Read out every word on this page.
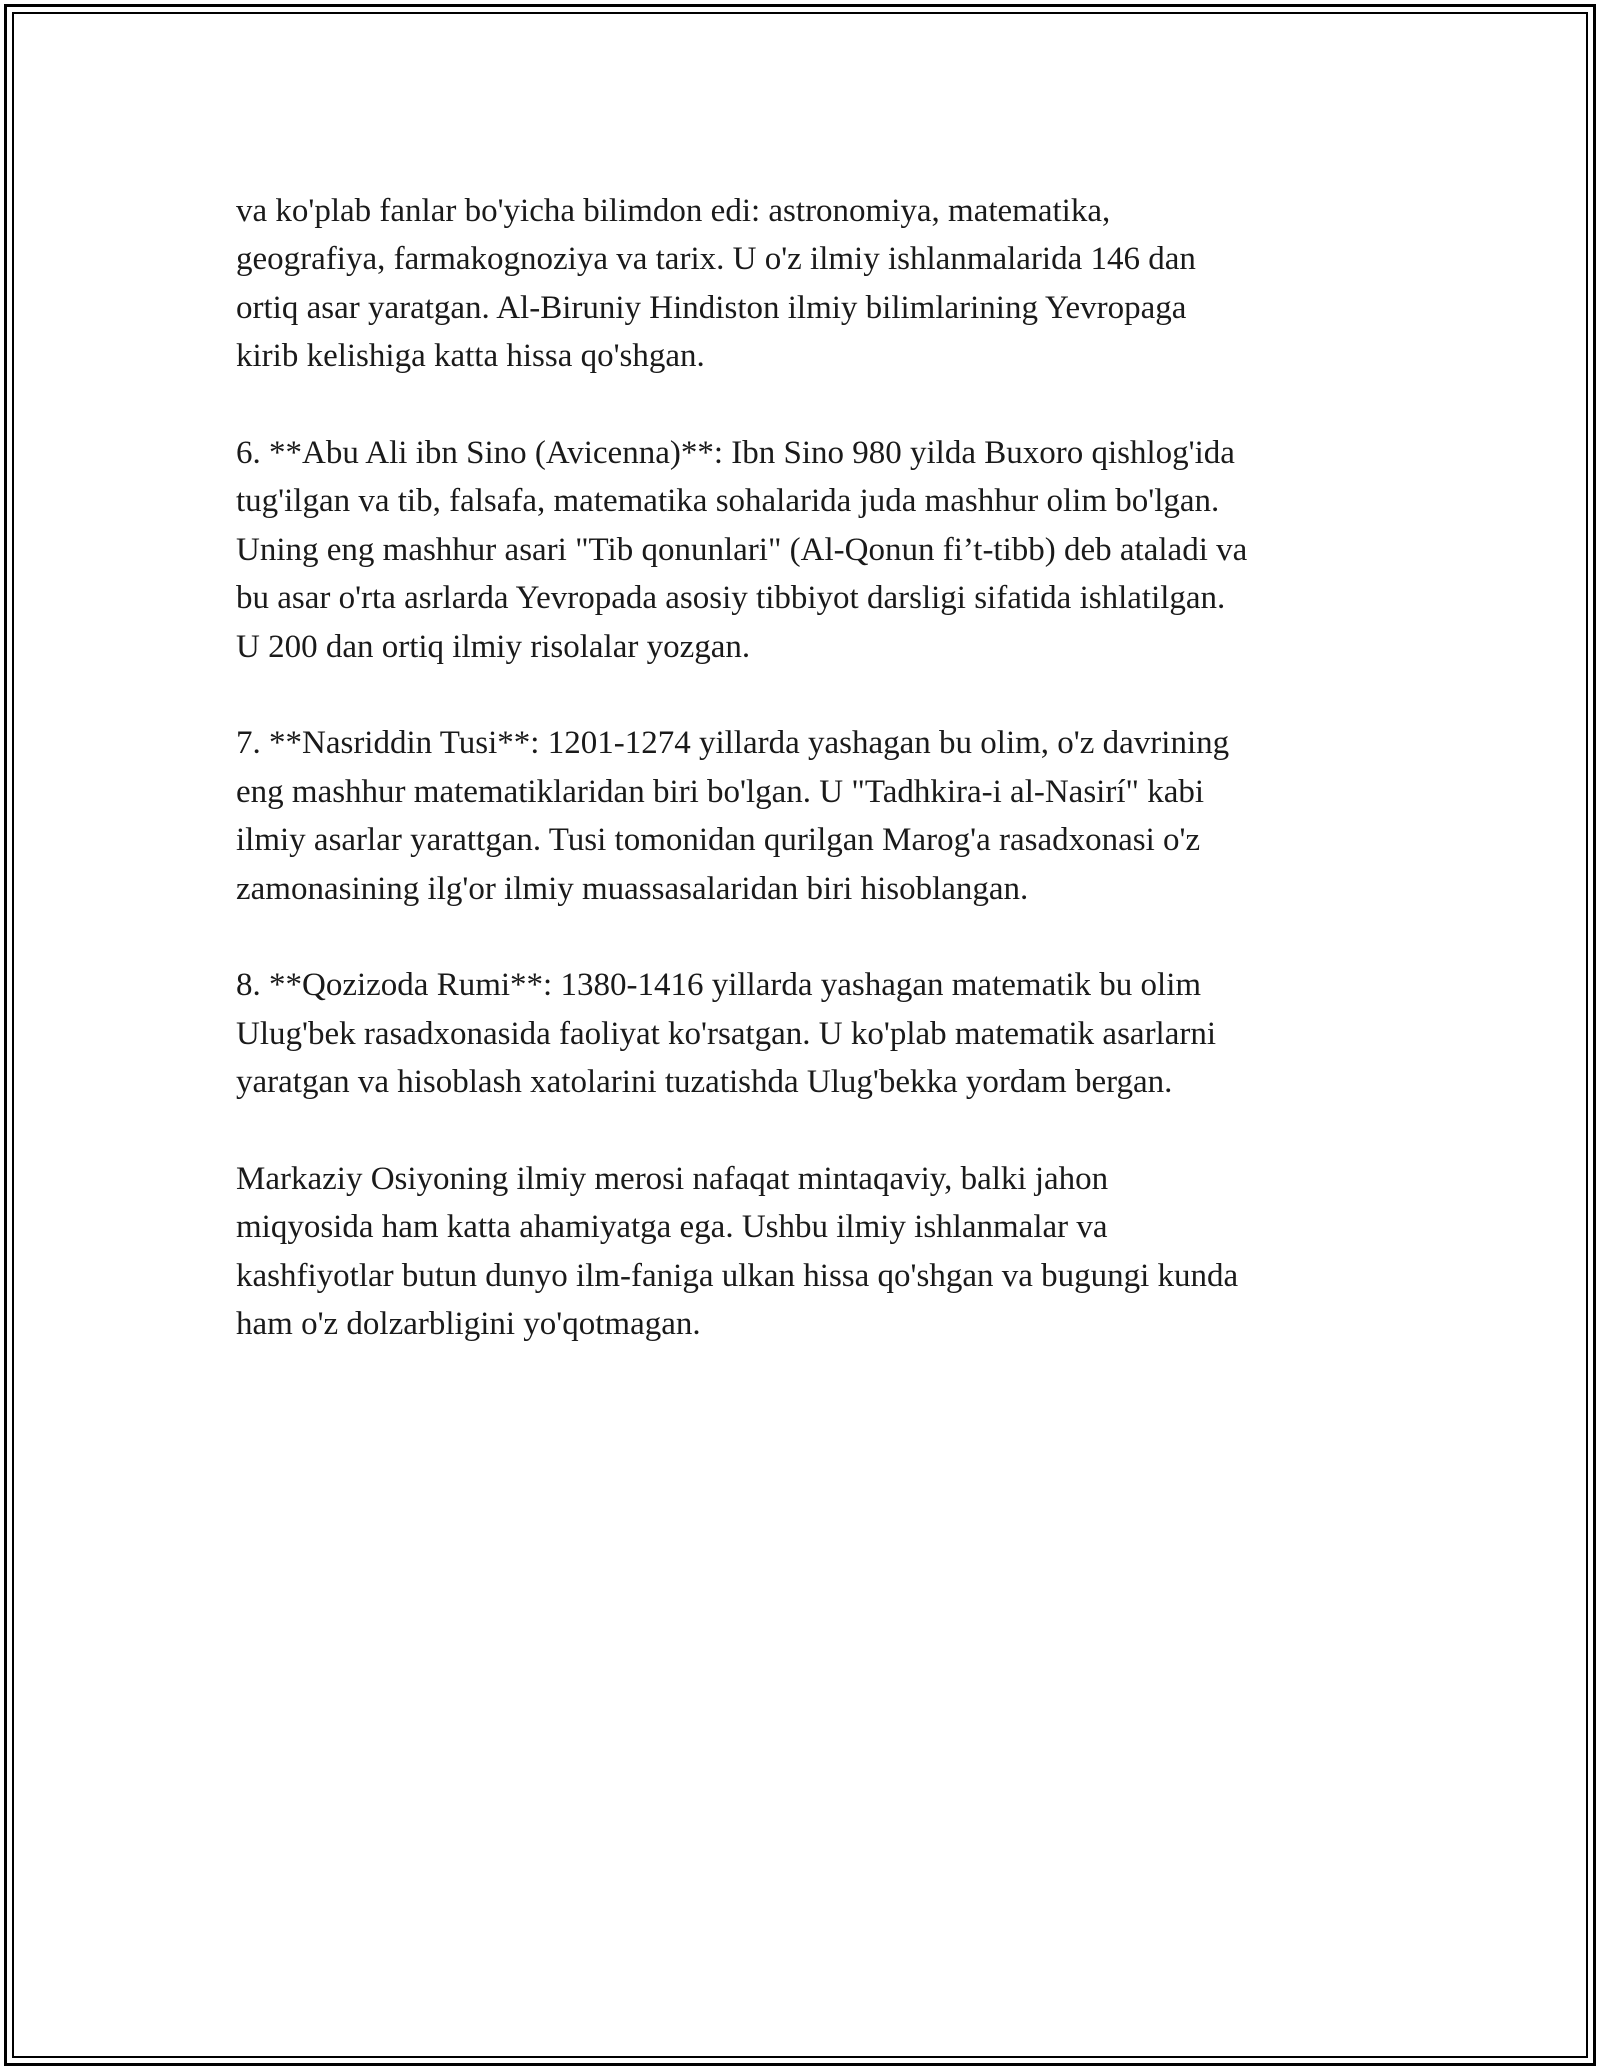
va ko'plab fanlar bo'yicha bilimdon edi: astronomiya, matematika,
geografiya, farmakognoziya va tarix. U o'z ilmiy ishlanmalarida 146 dan
ortiq asar yaratgan. Al-Biruniy Hindiston ilmiy bilimlarining Yevropaga
kirib kelishiga katta hissa qo'shgan.

6. **Abu Ali ibn Sino (Avicenna)**: Ibn Sino 980 yilda Buxoro qishlog'ida
tug'ilgan va tib, falsafa, matematika sohalarida juda mashhur olim bo'lgan.
Uning eng mashhur asari "Tib qonunlari" (Al-Qonun fi’t-tibb) deb ataladi va
bu asar o'rta asrlarda Yevropada asosiy tibbiyot darsligi sifatida ishlatilgan.
U 200 dan ortiq ilmiy risolalar yozgan.

7. **Nasriddin Tusi**: 1201-1274 yillarda yashagan bu olim, o'z davrining
eng mashhur matematiklaridan biri bo'lgan. U "Tadhkira-i al-Nasirí" kabi
ilmiy asarlar yarattgan. Tusi tomonidan qurilgan Marog'a rasadxonasi o'z
zamonasining ilg'or ilmiy muassasalaridan biri hisoblangan.

8. **Qozizoda Rumi**: 1380-1416 yillarda yashagan matematik bu olim
Ulug'bek rasadxonasida faoliyat ko'rsatgan. U ko'plab matematik asarlarni
yaratgan va hisoblash xatolarini tuzatishda Ulug'bekka yordam bergan.

Markaziy Osiyoning ilmiy merosi nafaqat mintaqaviy, balki jahon
miqyosida ham katta ahamiyatga ega. Ushbu ilmiy ishlanmalar va
kashfiyotlar butun dunyo ilm-faniga ulkan hissa qo'shgan va bugungi kunda
ham o'z dolzarbligini yo'qotmagan.
